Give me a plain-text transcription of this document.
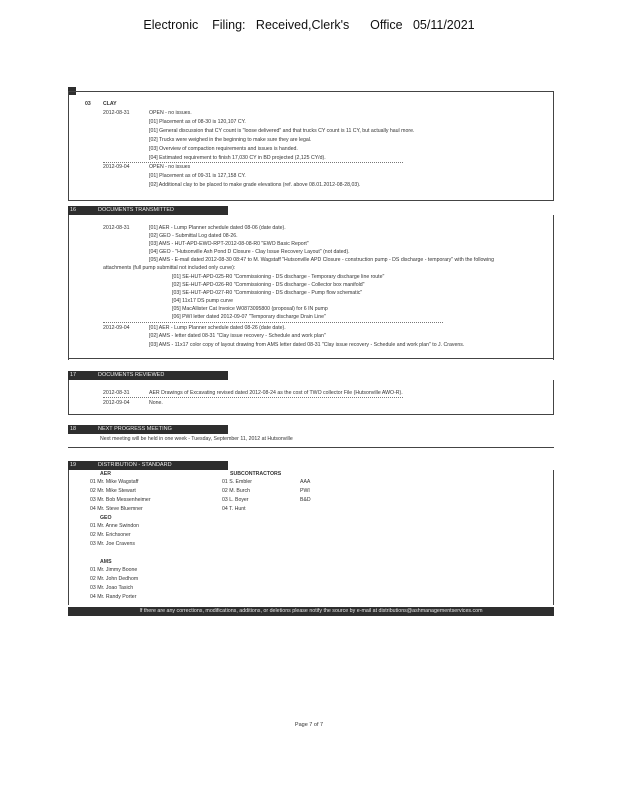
Electronic    Filing:   Received,Clerk's      Office   05/11/2021
03 CLAY
2012-08-31	OPEN - no issues.
[01] Placement as of 08-30 is 120,107 CY.
[01] General discussion that CY count is "loose delivered" and that trucks CY count is 11 CY, but actually haul more.
[02] Trucks were weighed in the beginning to make sure they are legal.
[03] Overview of compaction requirements and issues is handed.
[04] Estimated requirement to finish 17,030 CY in BD projected (2,125 CY/d).
2012-09-04	OPEN - no issues
[01] Placement as of 09-31 is 127,158 CY.
[02] Additional clay to be placed to make grade elevations (ref. above 08.01.2012-08-28,03).
16	DOCUMENTS TRANSMITTED
2012-08-31	[01] AER - Lump Planner schedule dated 08-06 (date date).
[02] GEO - Submittal Log dated 08-26.
[03] AMS - HUT-APD-EWO-RPT-2012-08-08-R0 "EWO Basic Report"
[04] GEO - "Hutsonville Ash Pond D Closure - Clay Issue Recovery Layout" (not dated).
[05] AMS - E-mail dated 2012-08-30 08:47 to M. Wagstaff "Hutsonville APD Closure - construction pump - DS discharge - temporary" with the following
attachments (full pump submittal not included only curve):
[01] SE-HUT-APD-025-R0 "Commissioning - DS discharge - Temporary discharge line route"
[02] SE-HUT-APD-026-R0 "Commissioning - DS discharge - Collector box manifold"
[03] SE-HUT-APD-027-R0 "Commissioning - DS discharge - Pump flow schematic"
[04] 11x17 DS pump curve
[05] MacAllister Cat Invoice W0873095800 (proposal) for 6 IN pump
[06] PWI letter dated 2012-09-07 "Temporary discharge Drain Line"
2012-09-04	[01] AER - Lump Planner schedule dated 08-26 (date date).
[02] AMS - letter dated 08-31 "Clay issue recovery - Schedule and work plan"
[03] AMS - 11x17 color copy of layout drawing from AMS letter dated 08-31 "Clay issue recovery - Schedule and work plan" to J. Cravens.
17	DOCUMENTS REVIEWED
2012-08-31	AER Drawings of Excavating revised dated 2012-08-24 as the cost of TWO collector File (Hutsonville AWO-R).
2012-09-04	None.
18	NEXT PROGRESS MEETING
Next meeting will be held in one week - Tuesday, September 11, 2012 at Hutsonville
19	DISTRIBUTION - STANDARD
AER
01 Mr. Mike Wagstaff
02 Mr. Mike Stewart
03 Mr. Bob Messenheimer
04 Mr. Steve Bluemner
GEO
01 Mr. Anne Swindon
02 Mr. Erichsoner
03 Mr. Joe Cravens
AMS
01 Mr. Jimmy Boone
02 Mr. John Dedhom
03 Mr. Joao Tasich
04 Mr. Randy Porter
SUBCONTRACTORS
01 S. Embler	AAA
02 M. Burch	PWI
03 L. Boyer	B&D
04 T. Hunt
If there are any corrections, modifications, additions, or deletions please notify the source by e-mail at distributions@ashmanagementservices.com
Page 7 of 7
